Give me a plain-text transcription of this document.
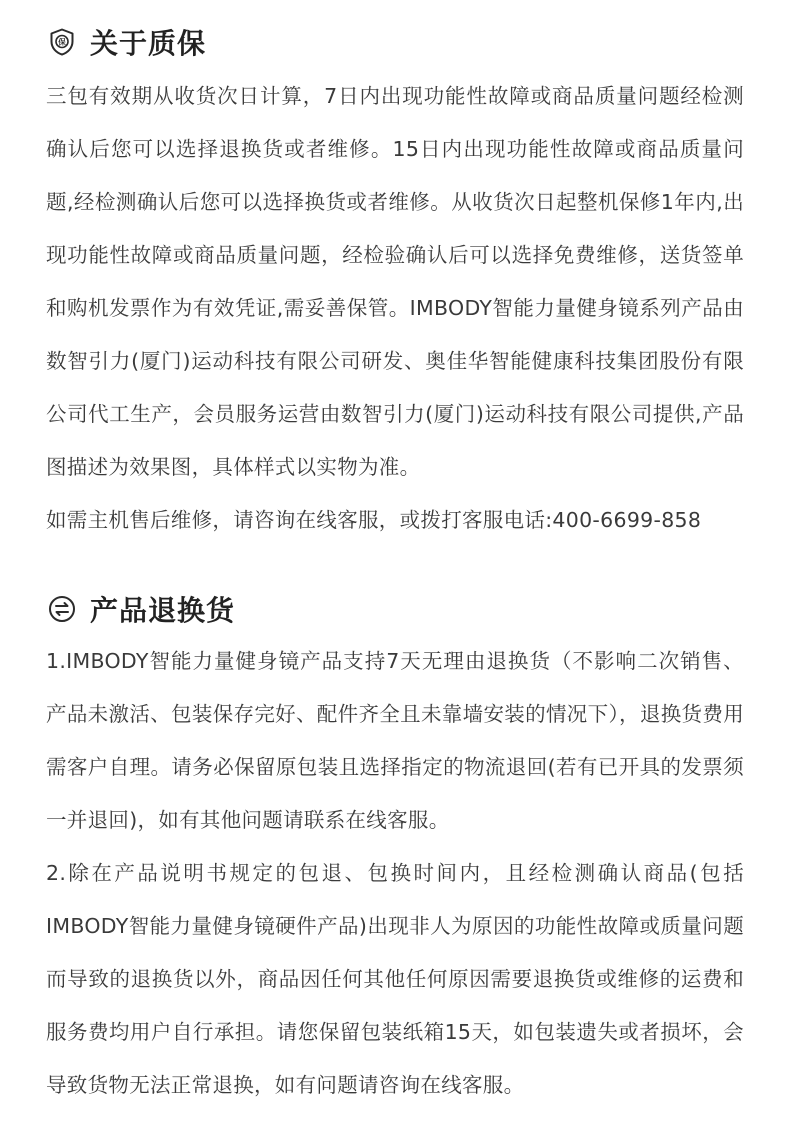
保 关于质保

三包有效期从收货次日计算，7日内出现功能性故障或商品质量问题经检测确认后您可以选择退换货或者维修。15日内出现功能性故障或商品质量问题,经检测确认后您可以选择换货或者维修。从收货次日起整机保修1年内,出现功能性故障或商品质量问题，经检验确认后可以选择免费维修，送货签单和购机发票作为有效凭证,需妥善保管。IMBODY智能力量健身镜系列产品由数智引力(厦门)运动科技有限公司研发、奥佳华智能健康科技集团股份有限公司代工生产，会员服务运营由数智引力(厦门)运动科技有限公司提供,产品图描述为效果图，具体样式以实物为准。

如需主机售后维修，请咨询在线客服，或拨打客服电话:400-6699-858

产品退换货

1.IMBODY智能力量健身镜产品支持7天无理由退换货（不影响二次销售、产品未激活、包装保存完好、配件齐全且未靠墙安装的情况下），退换货费用需客户自理。请务必保留原包装且选择指定的物流退回(若有已开具的发票须一并退回)，如有其他问题请联系在线客服。

2.除在产品说明书规定的包退、包换时间内，且经检测确认商品(包括IMBODY智能力量健身镜硬件产品)出现非人为原因的功能性故障或质量问题而导致的退换货以外，商品因任何其他任何原因需要退换货或维修的运费和服务费均用户自行承担。请您保留包装纸箱15天，如包装遗失或者损坏，会导致货物无法正常退换，如有问题请咨询在线客服。
